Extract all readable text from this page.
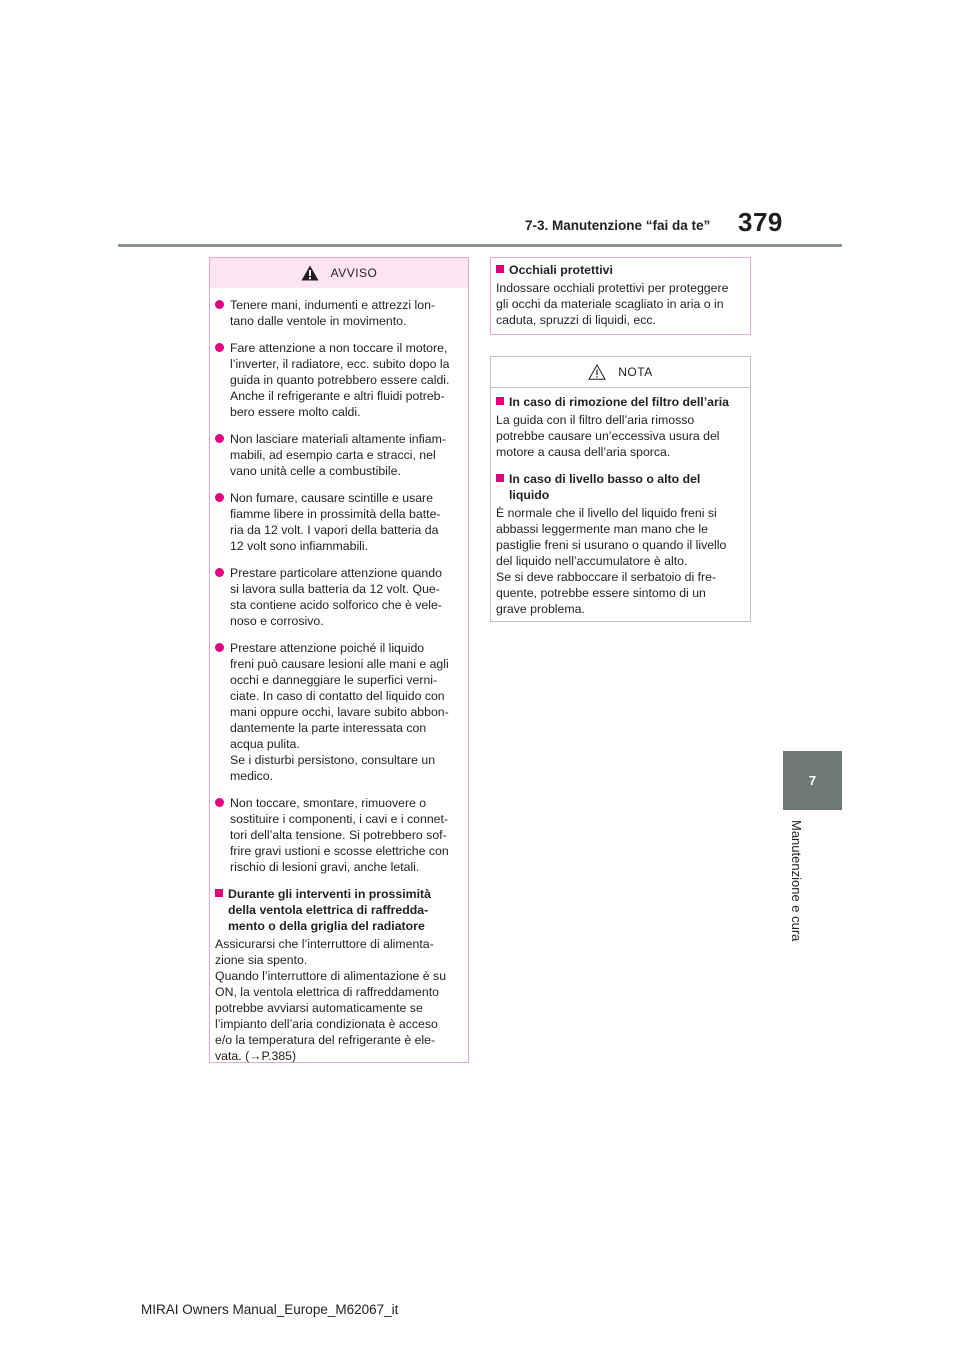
7-3. Manutenzione “fai da te” 379
7
Manutenzione e cura
AVVISO
Tenere mani, indumenti e attrezzi lon-
tano dalle ventole in movimento.
Fare attenzione a non toccare il motore,
l’inverter, il radiatore, ecc. subito dopo la
guida in quanto potrebbero essere caldi.
Anche il refrigerante e altri fluidi potreb-
bero essere molto caldi.
Non lasciare materiali altamente infiam-
mabili, ad esempio carta e stracci, nel
vano unità celle a combustibile.
Non fumare, causare scintille e usare
fiamme libere in prossimità della batte-
ria da 12 volt. I vapori della batteria da
12 volt sono infiammabili.
Prestare particolare attenzione quando
si lavora sulla batteria da 12 volt. Que-
sta contiene acido solforico che è vele-
noso e corrosivo.
Prestare attenzione poiché il liquido
freni può causare lesioni alle mani e agli
occhi e danneggiare le superfici verni-
ciate. In caso di contatto del liquido con
mani oppure occhi, lavare subito abbon-
dantemente la parte interessata con
acqua pulita.
Se i disturbi persistono, consultare un
medico.
Non toccare, smontare, rimuovere o
sostituire i componenti, i cavi e i connet-
tori dell’alta tensione. Si potrebbero sof-
frire gravi ustioni e scosse elettriche con
rischio di lesioni gravi, anche letali.
Durante gli interventi in prossimità
della ventola elettrica di raffredda-
mento o della griglia del radiatore
Assicurarsi che l’interruttore di alimenta-
zione sia spento.
Quando l’interruttore di alimentazione è su
ON, la ventola elettrica di raffreddamento
potrebbe avviarsi automaticamente se
l’impianto dell’aria condizionata è acceso
e/o la temperatura del refrigerante è ele-
vata. (→P.385)
Occhiali protettivi
Indossare occhiali protettivi per proteggere
gli occhi da materiale scagliato in aria o in
caduta, spruzzi di liquidi, ecc.
NOTA
In caso di rimozione del filtro dell’aria
La guida con il filtro dell’aria rimosso
potrebbe causare un’eccessiva usura del
motore a causa dell’aria sporca.
In caso di livello basso o alto del
liquido
È normale che il livello del liquido freni si
abbassi leggermente man mano che le
pastiglie freni si usurano o quando il livello
del liquido nell’accumulatore è alto.
Se si deve rabboccare il serbatoio di fre-
quente, potrebbe essere sintomo di un
grave problema.
MIRAI Owners Manual_Europe_M62067_it
